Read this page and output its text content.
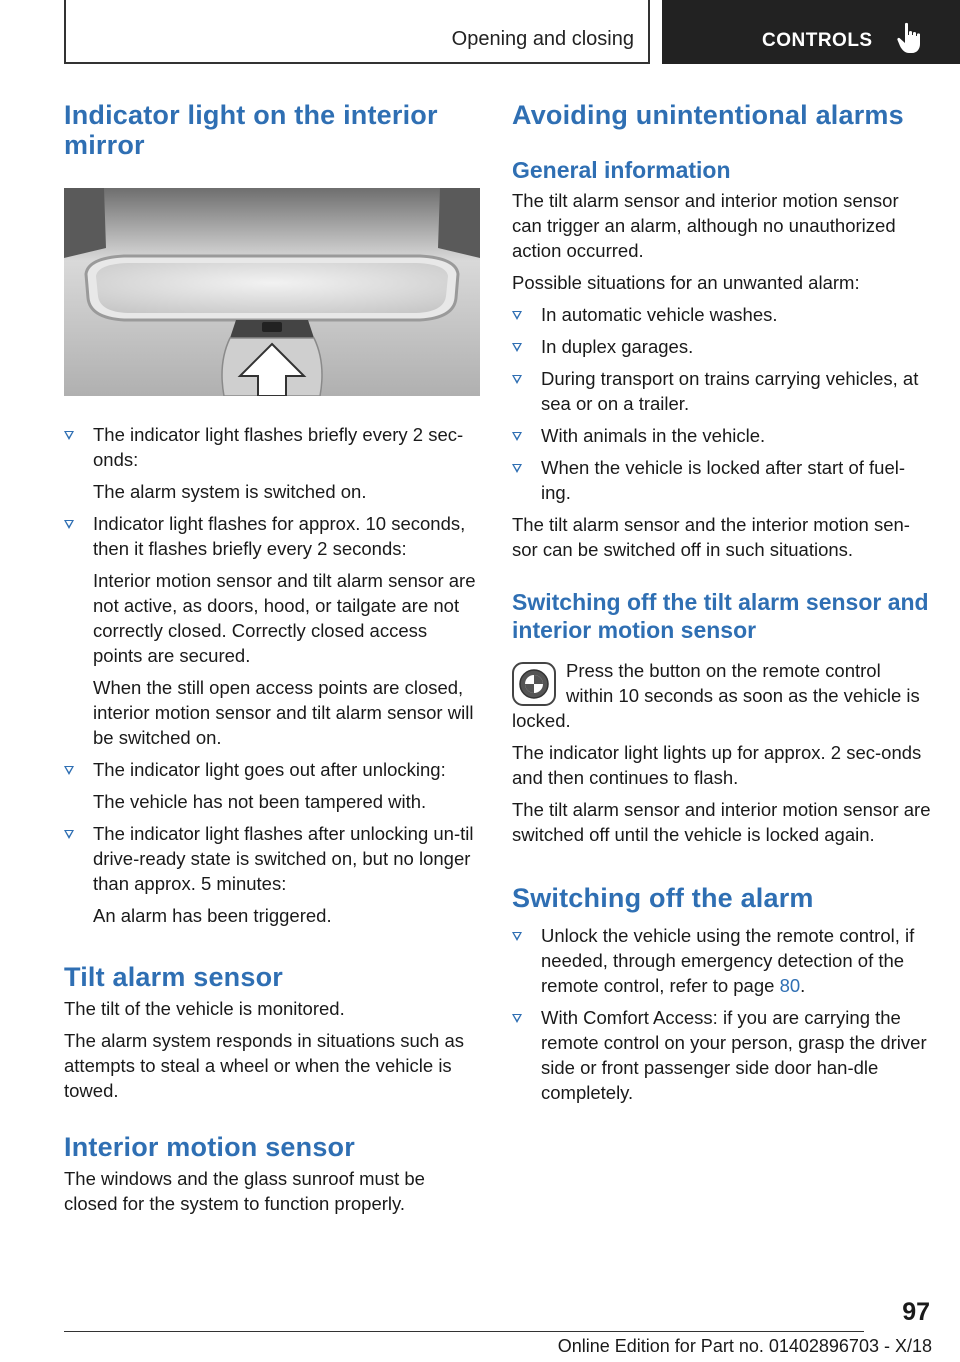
Opening and closing	CONTROLS
Indicator light on the interior mirror
The indicator light flashes briefly every 2 sec-onds:
The alarm system is switched on.
Indicator light flashes for approx. 10 seconds, then it flashes briefly every 2 seconds:
Interior motion sensor and tilt alarm sensor are not active, as doors, hood, or tailgate are not correctly closed. Correctly closed access points are secured.
When the still open access points are closed, interior motion sensor and tilt alarm sensor will be switched on.
The indicator light goes out after unlocking:
The vehicle has not been tampered with.
The indicator light flashes after unlocking un-til drive-ready state is switched on, but no longer than approx. 5 minutes:
An alarm has been triggered.
Tilt alarm sensor

The tilt of the vehicle is monitored.

The alarm system responds in situations such as attempts to steal a wheel or when the vehicle is towed.

Interior motion sensor

The windows and the glass sunroof must be closed for the system to function properly.

Avoiding unintentional alarms
General information

The tilt alarm sensor and interior motion sensor can trigger an alarm, although no unauthorized action occurred.

Possible situations for an unwanted alarm:

In automatic vehicle washes.
In duplex garages.
During transport on trains carrying vehicles, at sea or on a trailer.
With animals in the vehicle.
When the vehicle is locked after start of fuel-ing.

The tilt alarm sensor and the interior motion sen-sor can be switched off in such situations.

Switching off the tilt alarm sensor and interior motion sensor

Press the button on the remote control within 10 seconds as soon as the vehicle is locked.

The indicator light lights up for approx. 2 sec-onds and then continues to flash.

The tilt alarm sensor and interior motion sensor are switched off until the vehicle is locked again.

Switching off the alarm
Unlock the vehicle using the remote control, if needed, through emergency detection of the remote control, refer to page 80.
With Comfort Access: if you are carrying the remote control on your person, grasp the driver side or front passenger side door han-dle completely.
97
Online Edition for Part no. 01402896703 - X/18
